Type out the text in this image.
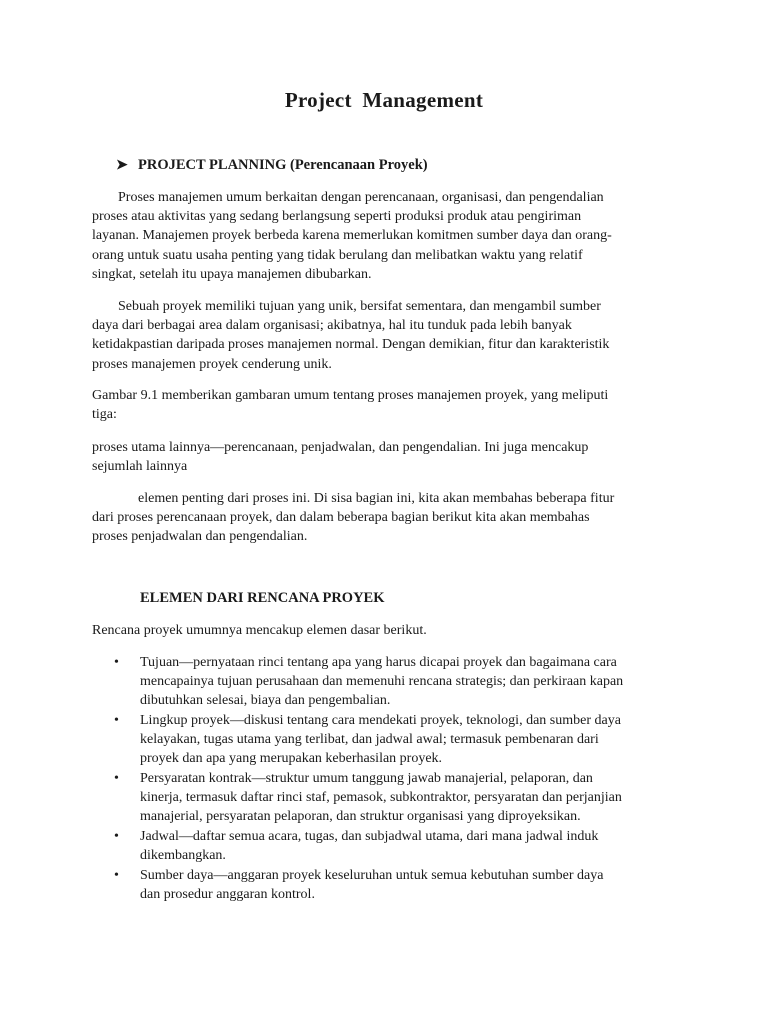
Project Management
➤ PROJECT PLANNING (Perencanaan Proyek)
Proses manajemen umum berkaitan dengan perencanaan, organisasi, dan pengendalian
proses atau aktivitas yang sedang berlangsung seperti produksi produk atau pengiriman
layanan. Manajemen proyek berbeda karena memerlukan komitmen sumber daya dan orang-
orang untuk suatu usaha penting yang tidak berulang dan melibatkan waktu yang relatif
singkat, setelah itu upaya manajemen dibubarkan.
Sebuah proyek memiliki tujuan yang unik, bersifat sementara, dan mengambil sumber
daya dari berbagai area dalam organisasi; akibatnya, hal itu tunduk pada lebih banyak
ketidakpastian daripada proses manajemen normal. Dengan demikian, fitur dan karakteristik
proses manajemen proyek cenderung unik.
Gambar 9.1 memberikan gambaran umum tentang proses manajemen proyek, yang meliputi
tiga:
proses utama lainnya—perencanaan, penjadwalan, dan pengendalian. Ini juga mencakup
sejumlah lainnya
elemen penting dari proses ini. Di sisa bagian ini, kita akan membahas beberapa fitur
dari proses perencanaan proyek, dan dalam beberapa bagian berikut kita akan membahas
proses penjadwalan dan pengendalian.
ELEMEN DARI RENCANA PROYEK
Rencana proyek umumnya mencakup elemen dasar berikut.
• Tujuan—pernyataan rinci tentang apa yang harus dicapai proyek dan bagaimana cara
mencapainya tujuan perusahaan dan memenuhi rencana strategis; dan perkiraan kapan
dibutuhkan selesai, biaya dan pengembalian.
• Lingkup proyek—diskusi tentang cara mendekati proyek, teknologi, dan sumber daya
kelayakan, tugas utama yang terlibat, dan jadwal awal; termasuk pembenaran dari
proyek dan apa yang merupakan keberhasilan proyek.
• Persyaratan kontrak—struktur umum tanggung jawab manajerial, pelaporan, dan
kinerja, termasuk daftar rinci staf, pemasok, subkontraktor, persyaratan dan perjanjian
manajerial, persyaratan pelaporan, dan struktur organisasi yang diproyeksikan.
• Jadwal—daftar semua acara, tugas, dan subjadwal utama, dari mana jadwal induk
dikembangkan.
• Sumber daya—anggaran proyek keseluruhan untuk semua kebutuhan sumber daya
dan prosedur anggaran kontrol.
